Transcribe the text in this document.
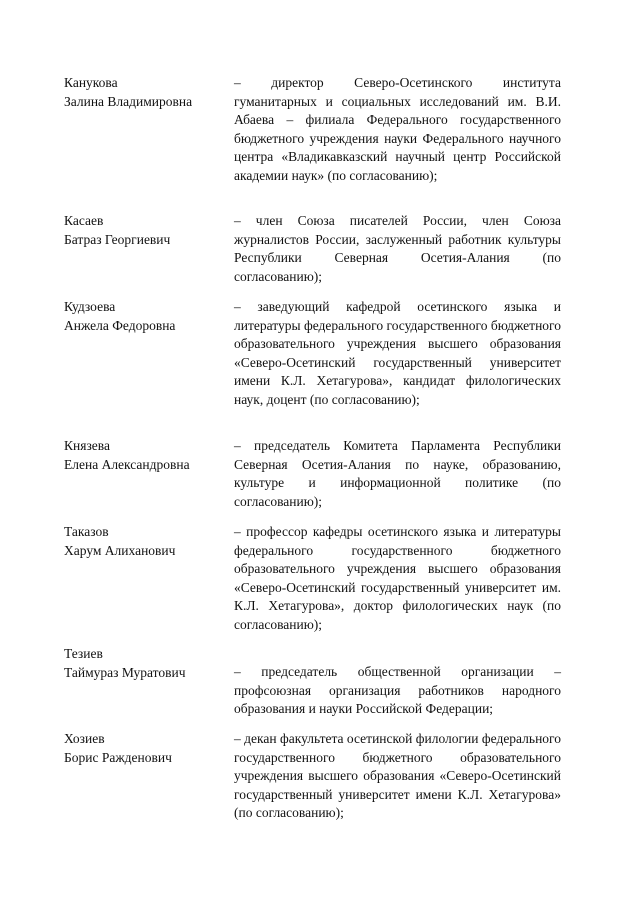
Канукова
Залина Владимировна
– директор Северо-Осетинского института гуманитарных и социальных исследований им. В.И. Абаева – филиала Федерального государственного бюджетного учреждения науки Федерального научного центра «Владикавказский научный центр Российской академии наук» (по согласованию);
Касаев
Батраз Георгиевич
– член Союза писателей России, член Союза журналистов России, заслуженный работник культуры Республики Северная Осетия-Алания (по согласованию);
Кудзоева
Анжела Федоровна
– заведующий кафедрой осетинского языка и литературы федерального государственного бюджетного образовательного учреждения высшего образования «Северо-Осетинский государственный университет имени К.Л. Хетагурова», кандидат филологических наук, доцент (по согласованию);
Князева
Елена Александровна
– председатель Комитета Парламента Республики Северная Осетия-Алания по науке, образованию, культуре и информационной политике (по согласованию);
Таказов
Харум Алиханович
– профессор кафедры осетинского языка и литературы федерального государственного бюджетного образовательного учреждения высшего образования «Северо-Осетинский государственный университет им. К.Л. Хетагурова», доктор филологических наук (по согласованию);
Тезиев
Таймураз Муратович	– председатель общественной организации – профсоюзная организация работников народного образования и науки Российской Федерации;
Хозиев
Борис Ражденович
– декан факультета осетинской филологии федерального государственного бюджетного образовательного учреждения высшего образования «Северо-Осетинский государственный университет имени К.Л. Хетагурова» (по согласованию);
